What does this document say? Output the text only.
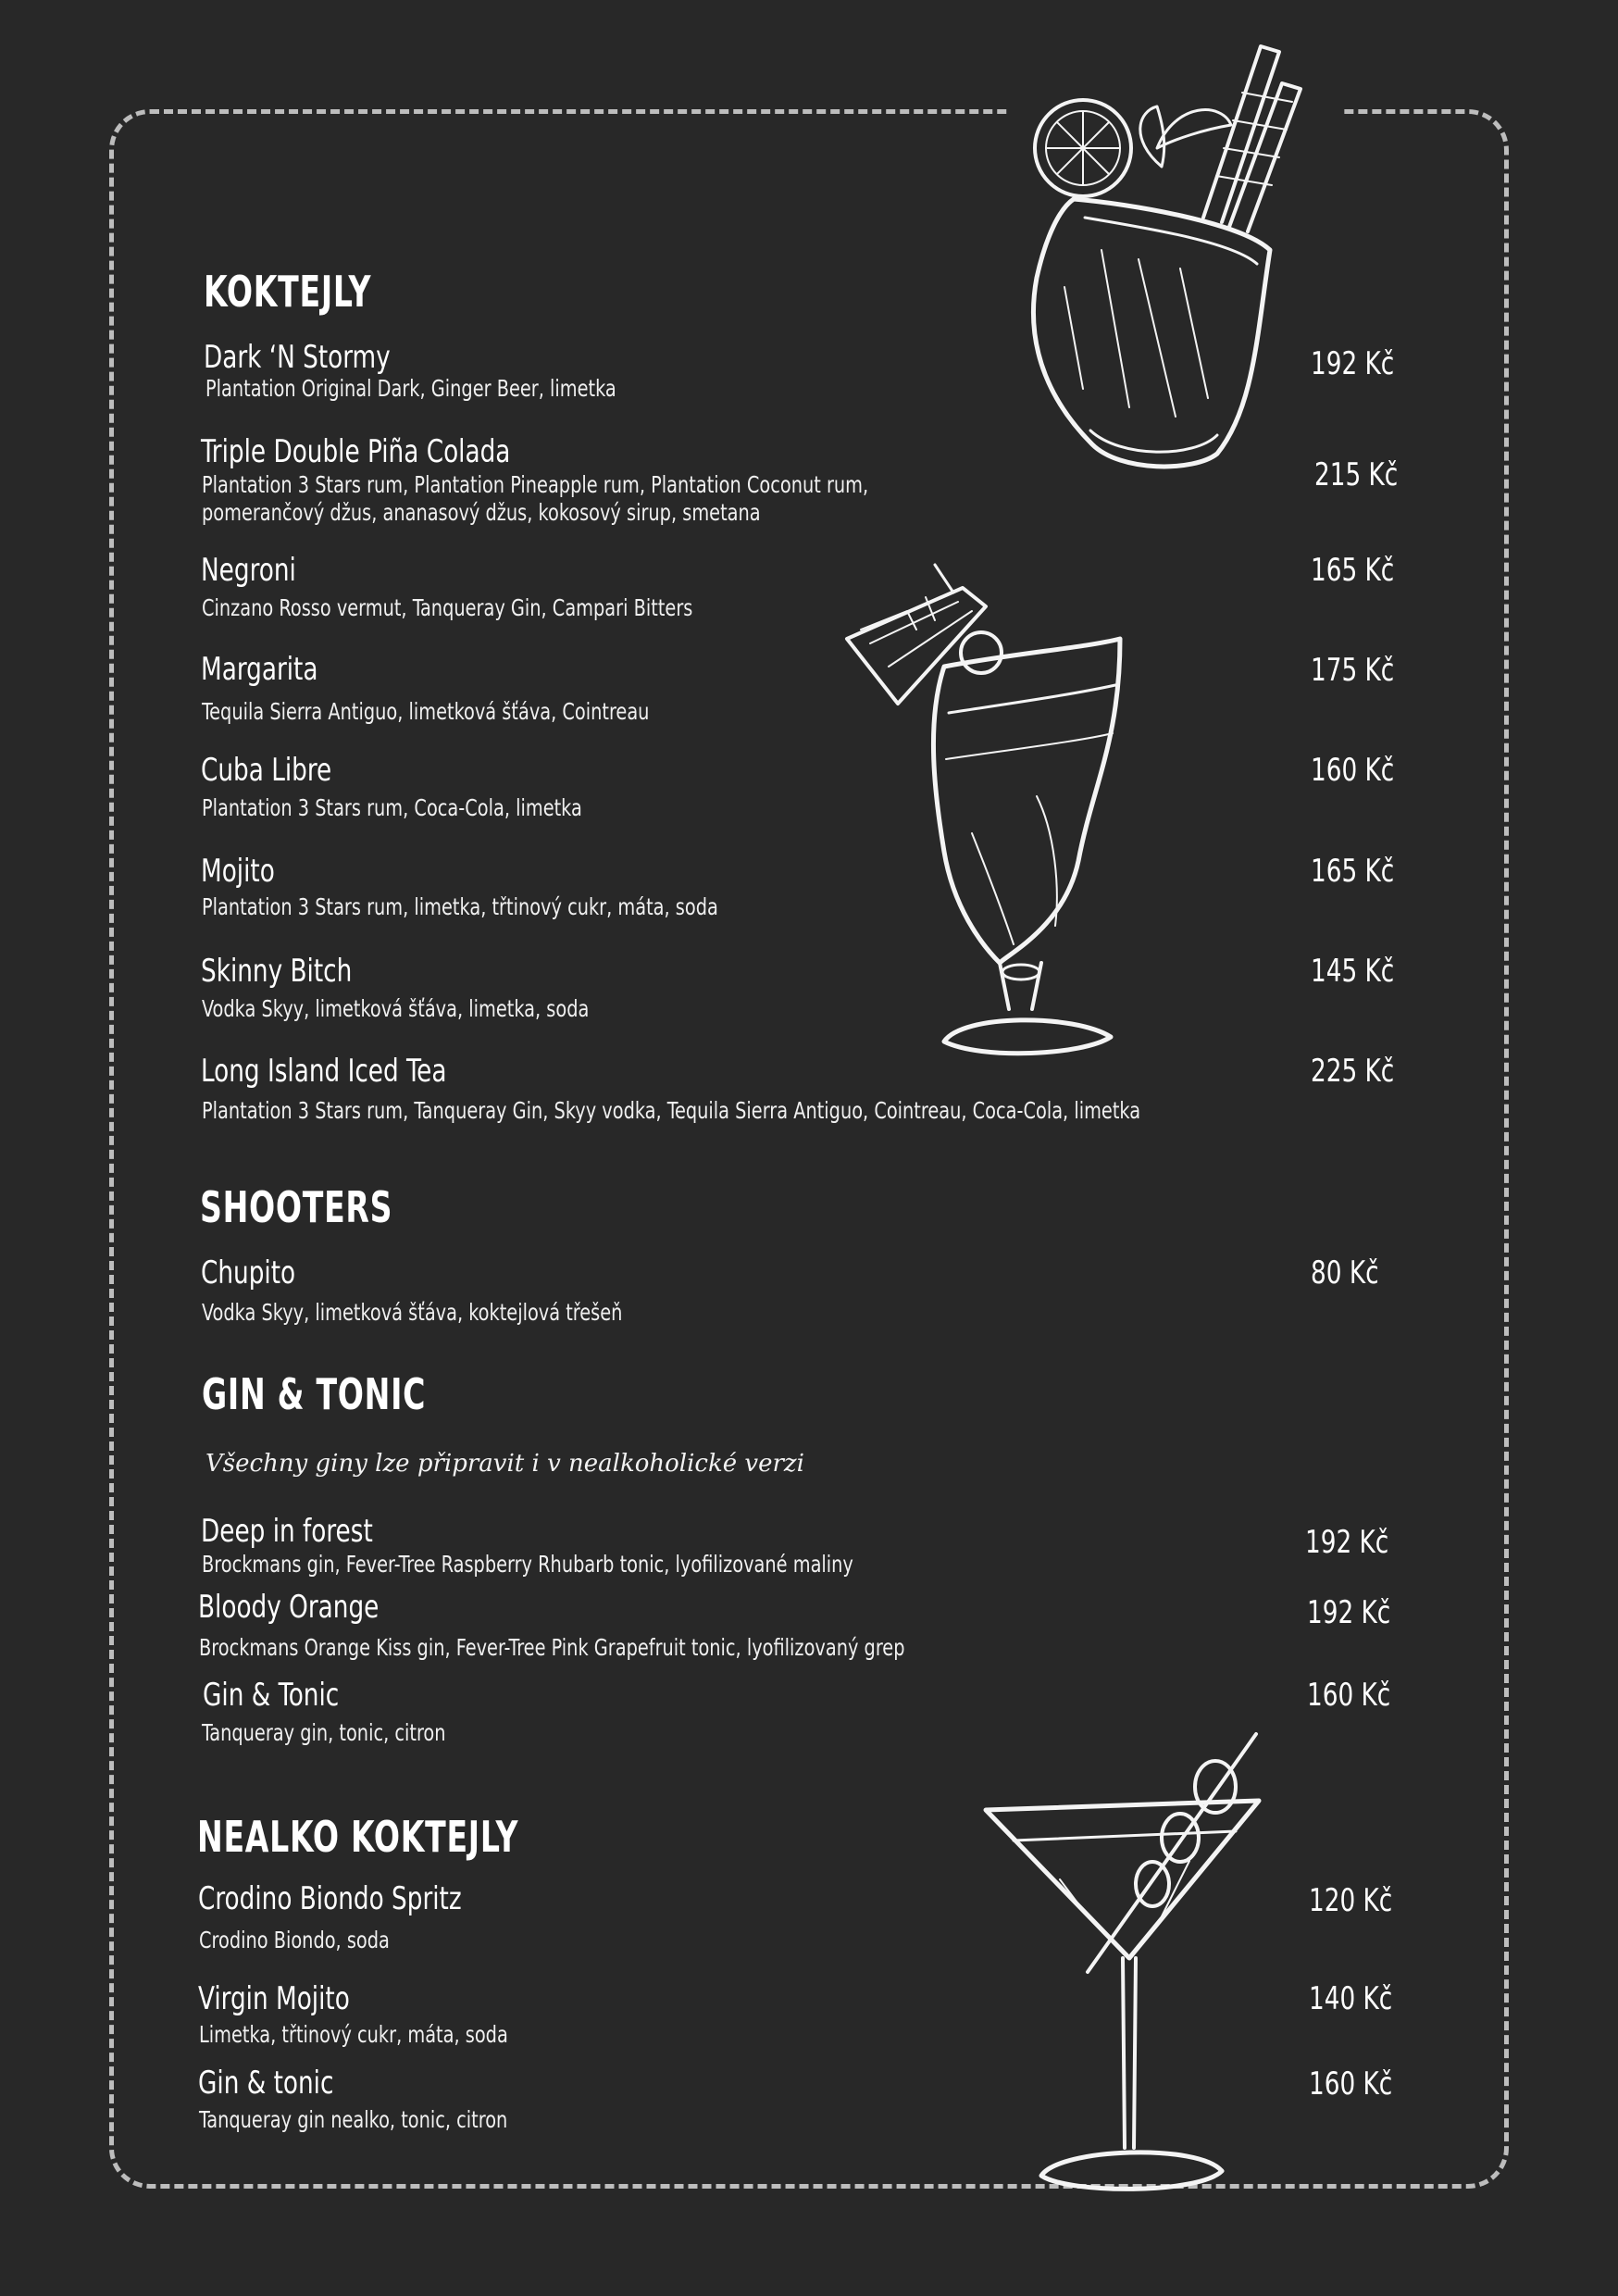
KOKTEJLY
Dark ‘N Stormy
Plantation Original Dark, Ginger Beer, limetka
192 Kč
Triple Double Piña Colada
Plantation 3 Stars rum, Plantation Pineapple rum, Plantation Coconut rum,
pomerančový džus, ananasový džus, kokosový sirup, smetana
215 Kč
Negroni
Cinzano Rosso vermut, Tanqueray Gin, Campari Bitters
165 Kč
Margarita
Tequila Sierra Antiguo, limetková šťáva, Cointreau
175 Kč
Cuba Libre
Plantation 3 Stars rum, Coca-Cola, limetka
160 Kč
Mojito
Plantation 3 Stars rum, limetka, třtinový cukr, máta, soda
165 Kč
Skinny Bitch
Vodka Skyy, limetková šťáva, limetka, soda
145 Kč
Long Island Iced Tea
Plantation 3 Stars rum, Tanqueray Gin, Skyy vodka, Tequila Sierra Antiguo, Cointreau, Coca-Cola, limetka
225 Kč
SHOOTERS
Chupito
Vodka Skyy, limetková šťáva, koktejlová třešeň
80 Kč
GIN & TONIC
Všechny giny lze připravit i v nealkoholické verzi
Deep in forest
Brockmans gin, Fever-Tree Raspberry Rhubarb tonic, lyofilizované maliny
192 Kč
Bloody Orange
Brockmans Orange Kiss gin, Fever-Tree Pink Grapefruit tonic, lyofilizovaný grep
192 Kč
Gin & Tonic
Tanqueray gin, tonic, citron
160 Kč
NEALKO KOKTEJLY
Crodino Biondo Spritz
Crodino Biondo, soda
120 Kč
Virgin Mojito
Limetka, třtinový cukr, máta, soda
140 Kč
Gin & tonic
Tanqueray gin nealko, tonic, citron
160 Kč
